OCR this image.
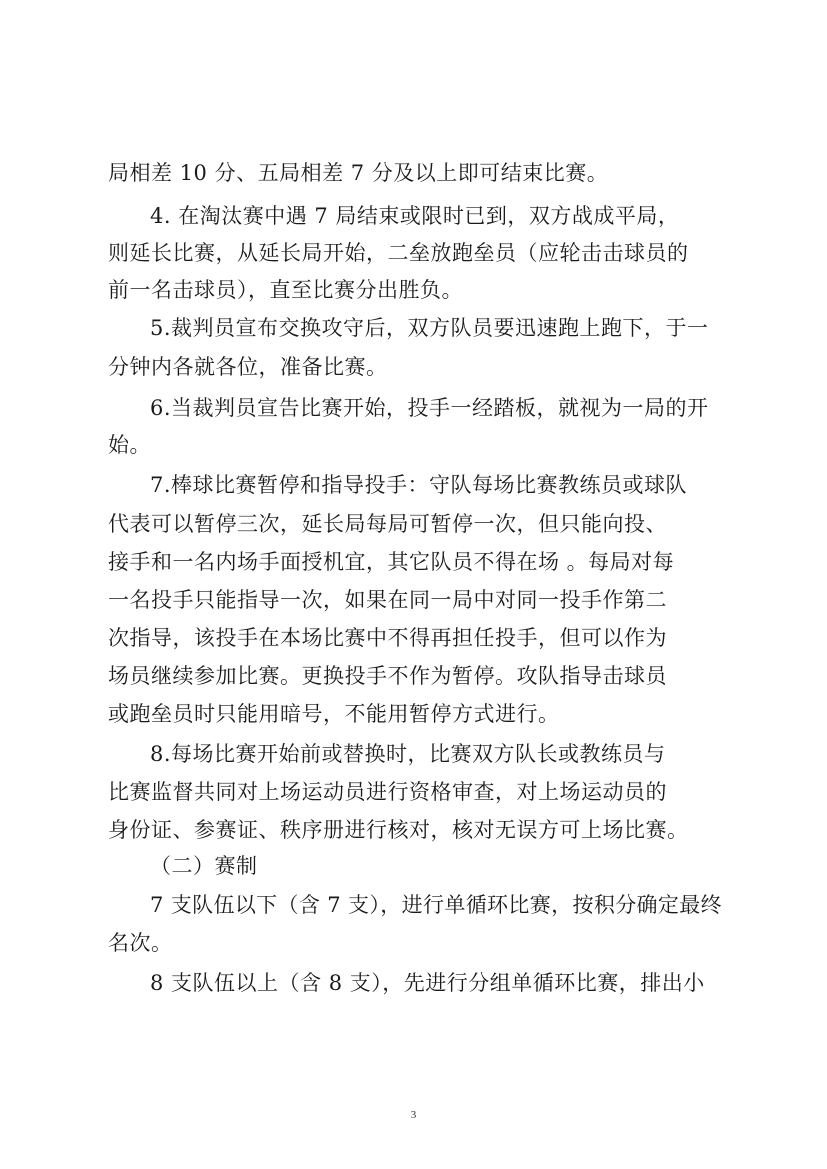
局相差 10 分、五局相差 7 分及以上即可结束比赛。
4. 在淘汰赛中遇 7 局结束或限时已到，双方战成平局，
则延长比赛，从延长局开始，二垒放跑垒员（应轮击击球员的
前一名击球员），直至比赛分出胜负。
5.裁判员宣布交换攻守后，双方队员要迅速跑上跑下，于一
分钟内各就各位，准备比赛。
6.当裁判员宣告比赛开始，投手一经踏板，就视为一局的开
始。
7.棒球比赛暂停和指导投手：守队每场比赛教练员或球队
代表可以暂停三次，延长局每局可暂停一次，但只能向投、
接手和一名内场手面授机宜，其它队员不得在场 。每局对每
一名投手只能指导一次，如果在同一局中对同一投手作第二
次指导，该投手在本场比赛中不得再担任投手，但可以作为
场员继续参加比赛。更换投手不作为暂停。攻队指导击球员
或跑垒员时只能用暗号，不能用暂停方式进行。
8.每场比赛开始前或替换时，比赛双方队长或教练员与
比赛监督共同对上场运动员进行资格审查，对上场运动员的
身份证、参赛证、秩序册进行核对，核对无误方可上场比赛。
（二）赛制
7 支队伍以下（含 7 支），进行单循环比赛，按积分确定最终
名次。
8 支队伍以上（含 8 支），先进行分组单循环比赛，排出小
3
